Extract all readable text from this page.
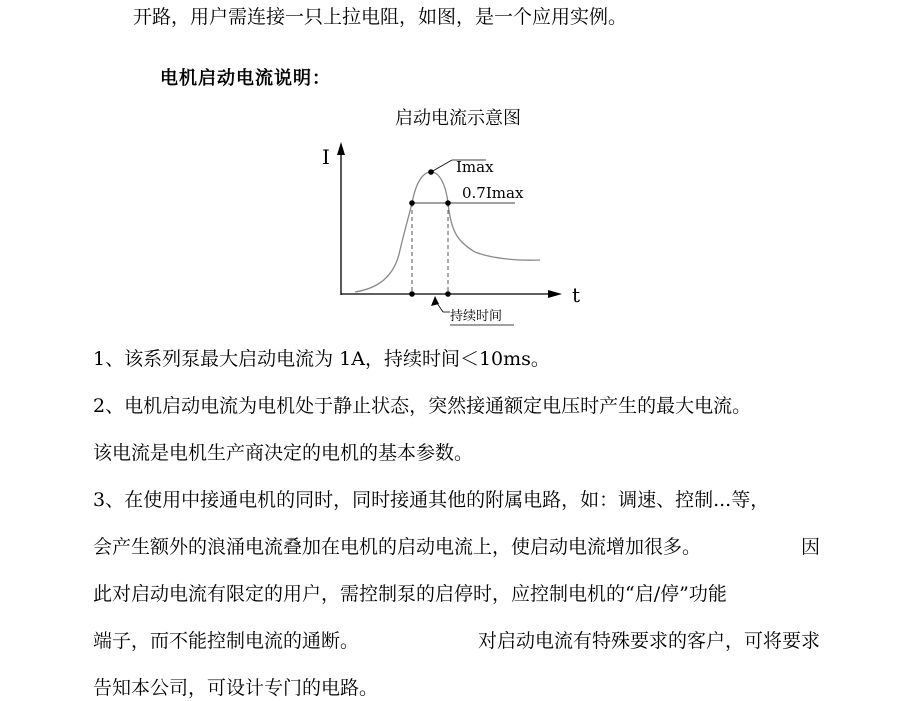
开路，用户需连接一只上拉电阻，如图，是一个应用实例。
电机启动电流说明：
启动电流示意图
I
t
Imax
0.7Imax
持续时间
1、该系列泵最大启动电流为 1A，持续时间＜10ms。
2、电机启动电流为电机处于静止状态，突然接通额定电压时产生的最大电流。
该电流是电机生产商决定的电机的基本参数。
3、在使用中接通电机的同时，同时接通其他的附属电路，如：调速、控制...等，
会产生额外的浪涌电流叠加在电机的启动电流上，使启动电流增加很多。	因
此对启动电流有限定的用户，需控制泵的启停时，应控制电机的“启/停”功能
端子，而不能控制电流的通断。	对启动电流有特殊要求的客户，可将要求
告知本公司，可设计专门的电路。
